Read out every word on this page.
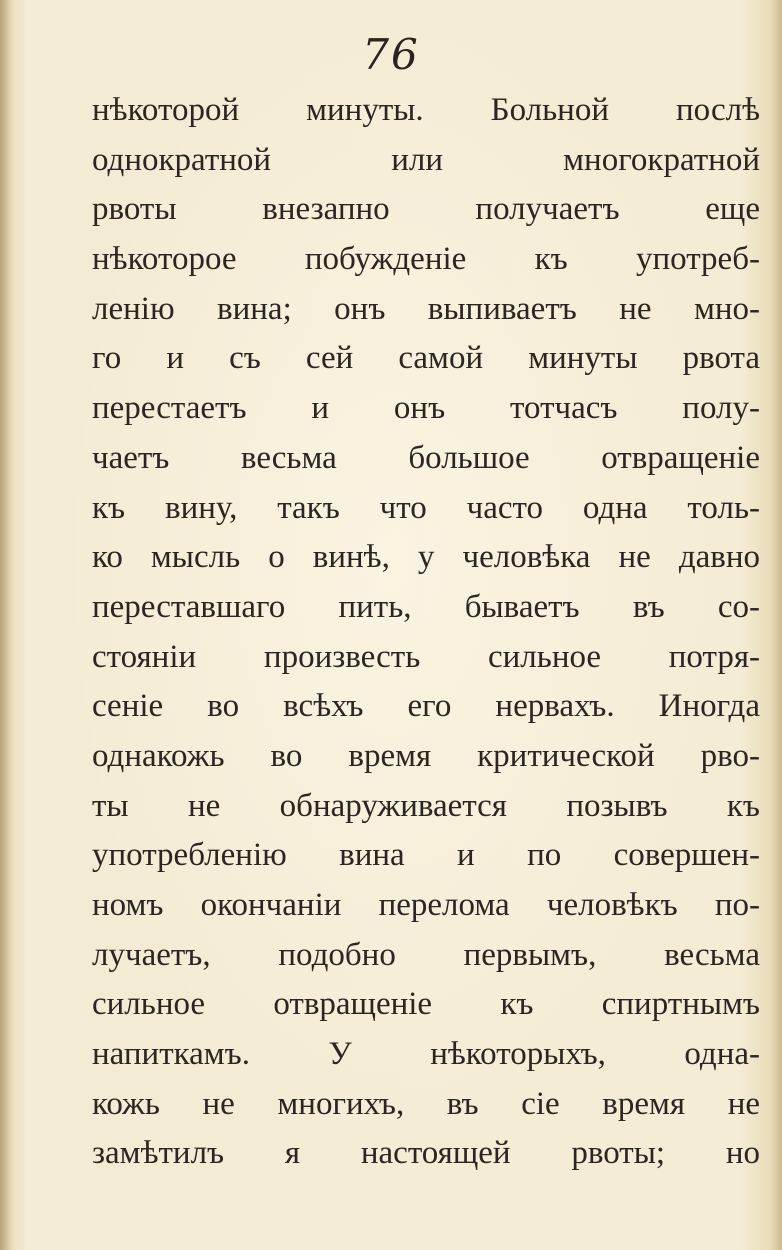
76
нѣкоторой минуты. Больной послѣ
однократной или многократной
рвоты внезапно получаетъ еще
нѣкоторое побужденіе къ употреб-
ленію вина; онъ выпиваетъ не мно-
го и съ сей самой минуты рвота
перестаетъ и онъ тотчасъ полу-
чаетъ весьма большое отвращеніе
къ вину, такъ что часто одна толь-
ко мысль о винѣ, у человѣка не давно
переставшаго пить, бываетъ въ со-
стояніи произвесть сильное потря-
сеніе во всѣхъ его нервахъ. Иногда
однакожь во время критической рво-
ты не обнаруживается позывъ къ
употребленію вина и по совершен-
номъ окончаніи перелома человѣкъ по-
лучаетъ, подобно первымъ, весьма
сильное отвращеніе къ спиртнымъ
напиткамъ. У нѣкоторыхъ, одна-
кожь не многихъ, въ сіе время не
замѣтилъ я настоящей рвоты; но
